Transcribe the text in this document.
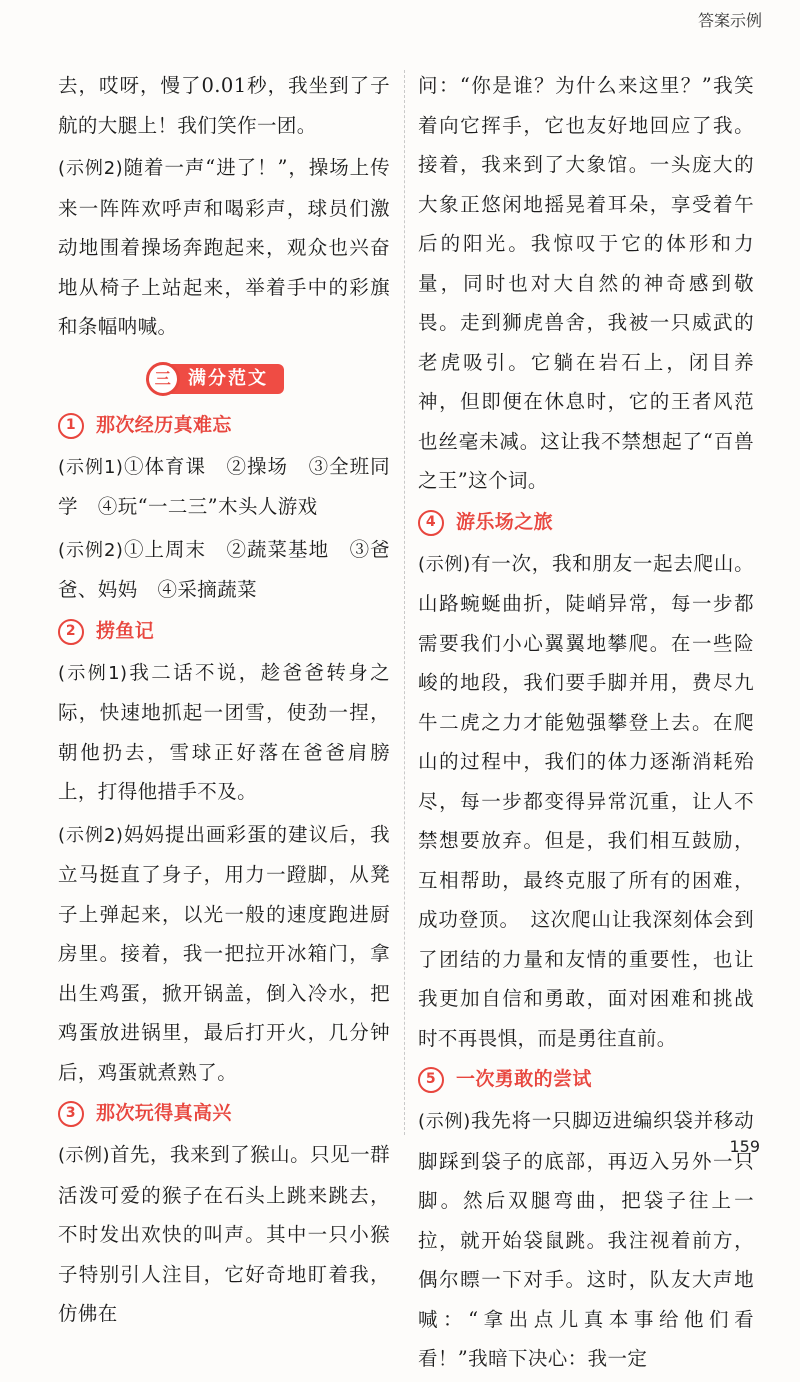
答案示例

去，哎呀，慢了0.01秒，我坐到了子航的大腿上！我们笑作一团。

(示例2)随着一声“进了！”，操场上传来一阵阵欢呼声和喝彩声，球员们激动地围着操场奔跑起来，观众也兴奋地从椅子上站起来，举着手中的彩旗和条幅呐喊。

三 满分范文
1	那次经历真难忘

(示例1)①体育课　②操场　③全班同学　④玩“一二三”木头人游戏

(示例2)①上周末　②蔬菜基地　③爸爸、妈妈　④采摘蔬菜

2	捞鱼记

(示例1)我二话不说，趁爸爸转身之际，快速地抓起一团雪，使劲一捏，朝他扔去，雪球正好落在爸爸肩膀上，打得他措手不及。

(示例2)妈妈提出画彩蛋的建议后，我立马挺直了身子，用力一蹬脚，从凳子上弹起来，以光一般的速度跑进厨房里。接着，我一把拉开冰箱门，拿出生鸡蛋，掀开锅盖，倒入冷水，把鸡蛋放进锅里，最后打开火，几分钟后，鸡蛋就煮熟了。

3	那次玩得真高兴

(示例)首先，我来到了猴山。只见一群活泼可爱的猴子在石头上跳来跳去，不时发出欢快的叫声。其中一只小猴子特别引人注目，它好奇地盯着我，仿佛在

问：“你是谁？为什么来这里？”我笑着向它挥手，它也友好地回应了我。接着，我来到了大象馆。一头庞大的大象正悠闲地摇晃着耳朵，享受着午后的阳光。我惊叹于它的体形和力量，同时也对大自然的神奇感到敬畏。走到狮虎兽舍，我被一只威武的老虎吸引。它躺在岩石上，闭目养神，但即便在休息时，它的王者风范也丝毫未减。这让我不禁想起了“百兽之王”这个词。

4	游乐场之旅

(示例)有一次，我和朋友一起去爬山。山路蜿蜒曲折，陡峭异常，每一步都需要我们小心翼翼地攀爬。在一些险峻的地段，我们要手脚并用，费尽九牛二虎之力才能勉强攀登上去。在爬山的过程中，我们的体力逐渐消耗殆尽，每一步都变得异常沉重，让人不禁想要放弃。但是，我们相互鼓励，互相帮助，最终克服了所有的困难，成功登顶。　这次爬山让我深刻体会到了团结的力量和友情的重要性，也让我更加自信和勇敢，面对困难和挑战时不再畏惧，而是勇往直前。

5	一次勇敢的尝试

(示例)我先将一只脚迈进编织袋并移动脚踩到袋子的底部，再迈入另外一只脚。然后双腿弯曲，把袋子往上一拉，就开始袋鼠跳。我注视着前方，偶尔瞟一下对手。这时，队友大声地喊：“拿出点儿真本事给他们看看！”我暗下决心：我一定

159
